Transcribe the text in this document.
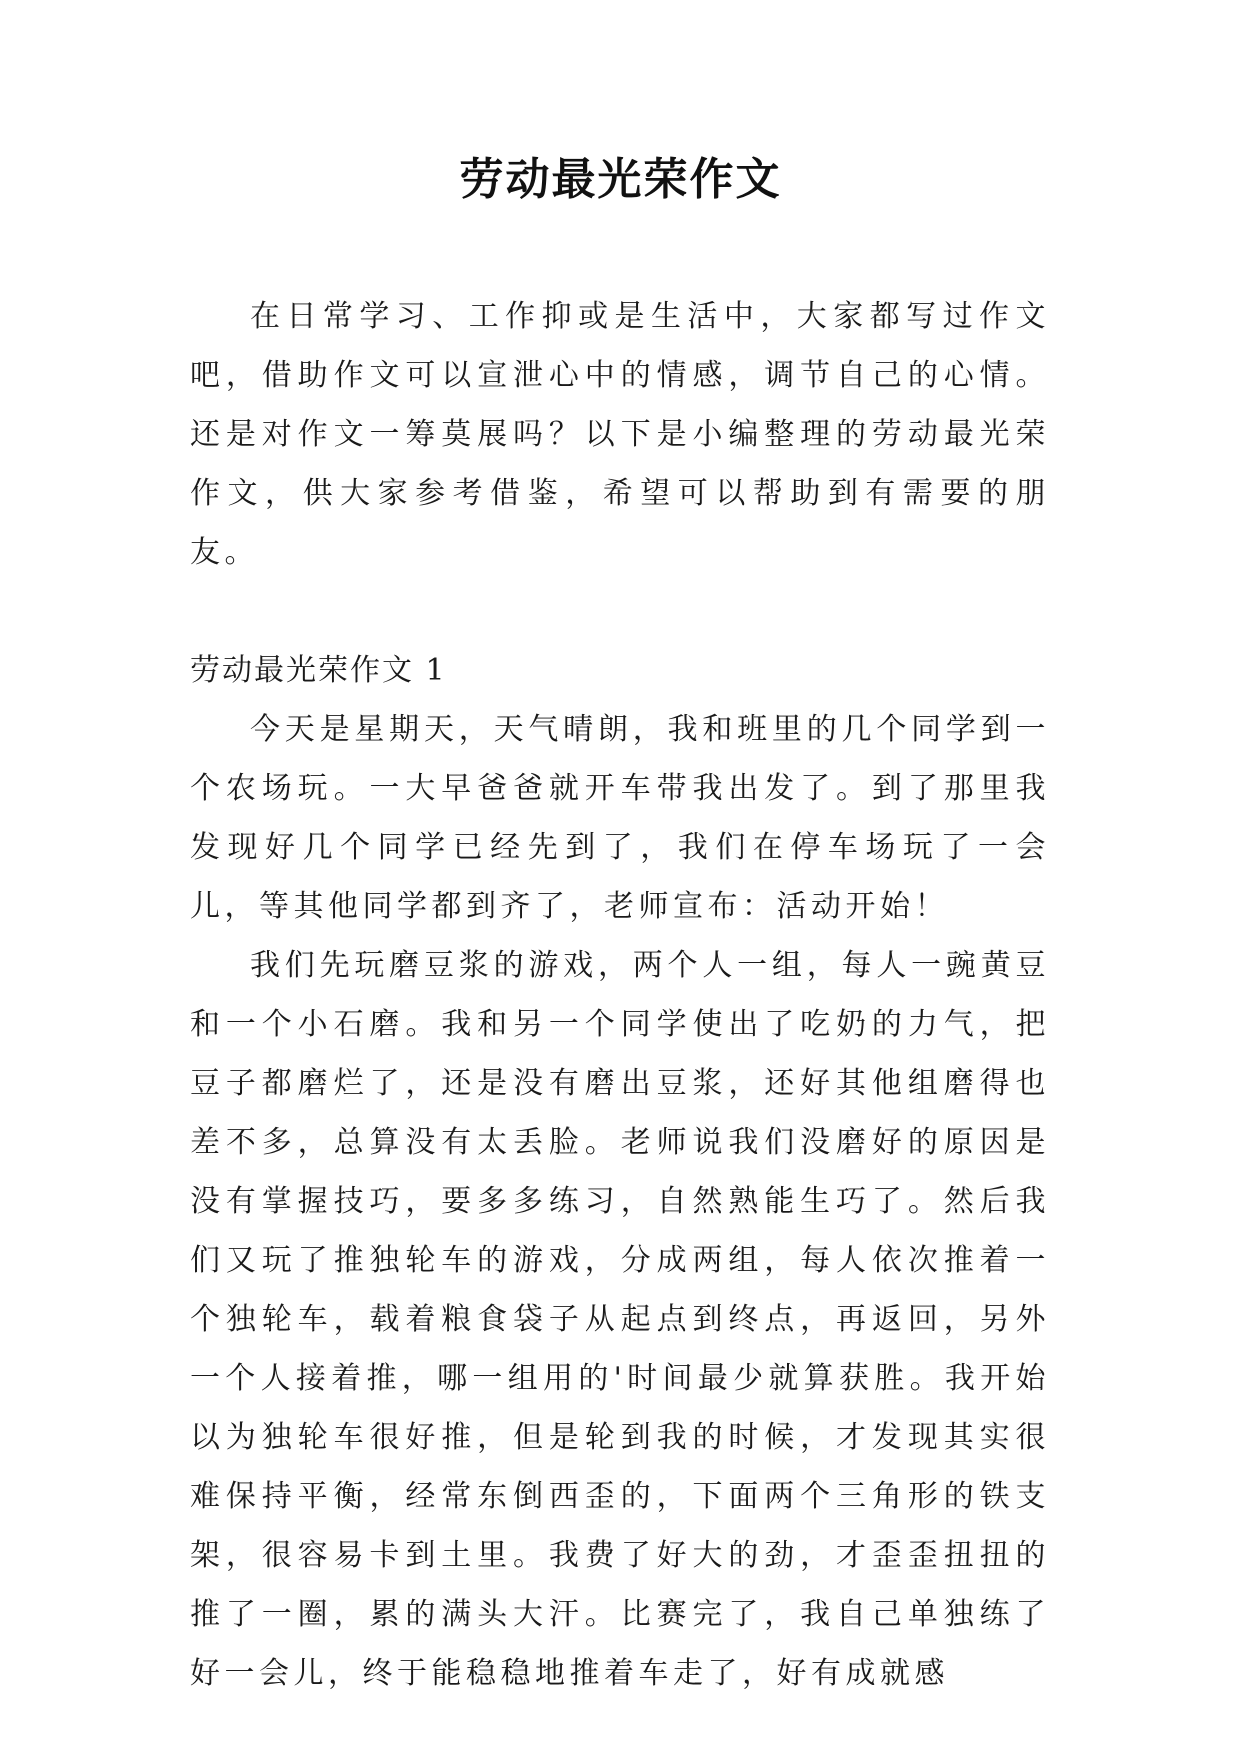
劳动最光荣作文

在日常学习、工作抑或是生活中，大家都写过作文吧，借助作文可以宣泄心中的情感，调节自己的心情。还是对作文一筹莫展吗？以下是小编整理的劳动最光荣作文，供大家参考借鉴，希望可以帮助到有需要的朋友。

劳动最光荣作文 1

今天是星期天，天气晴朗，我和班里的几个同学到一个农场玩。一大早爸爸就开车带我出发了。到了那里我发现好几个同学已经先到了，我们在停车场玩了一会儿，等其他同学都到齐了，老师宣布：活动开始！

我们先玩磨豆浆的游戏，两个人一组，每人一豌黄豆和一个小石磨。我和另一个同学使出了吃奶的力气，把豆子都磨烂了，还是没有磨出豆浆，还好其他组磨得也差不多，总算没有太丢脸。老师说我们没磨好的原因是没有掌握技巧，要多多练习，自然熟能生巧了。然后我们又玩了推独轮车的游戏，分成两组，每人依次推着一个独轮车，载着粮食袋子从起点到终点，再返回，另外一个人接着推，哪一组用的'时间最少就算获胜。我开始以为独轮车很好推，但是轮到我的时候，才发现其实很难保持平衡，经常东倒西歪的，下面两个三角形的铁支架，很容易卡到土里。我费了好大的劲，才歪歪扭扭的推了一圈，累的满头大汗。比赛完了，我自己单独练了好一会儿，终于能稳稳地推着车走了，好有成就感
